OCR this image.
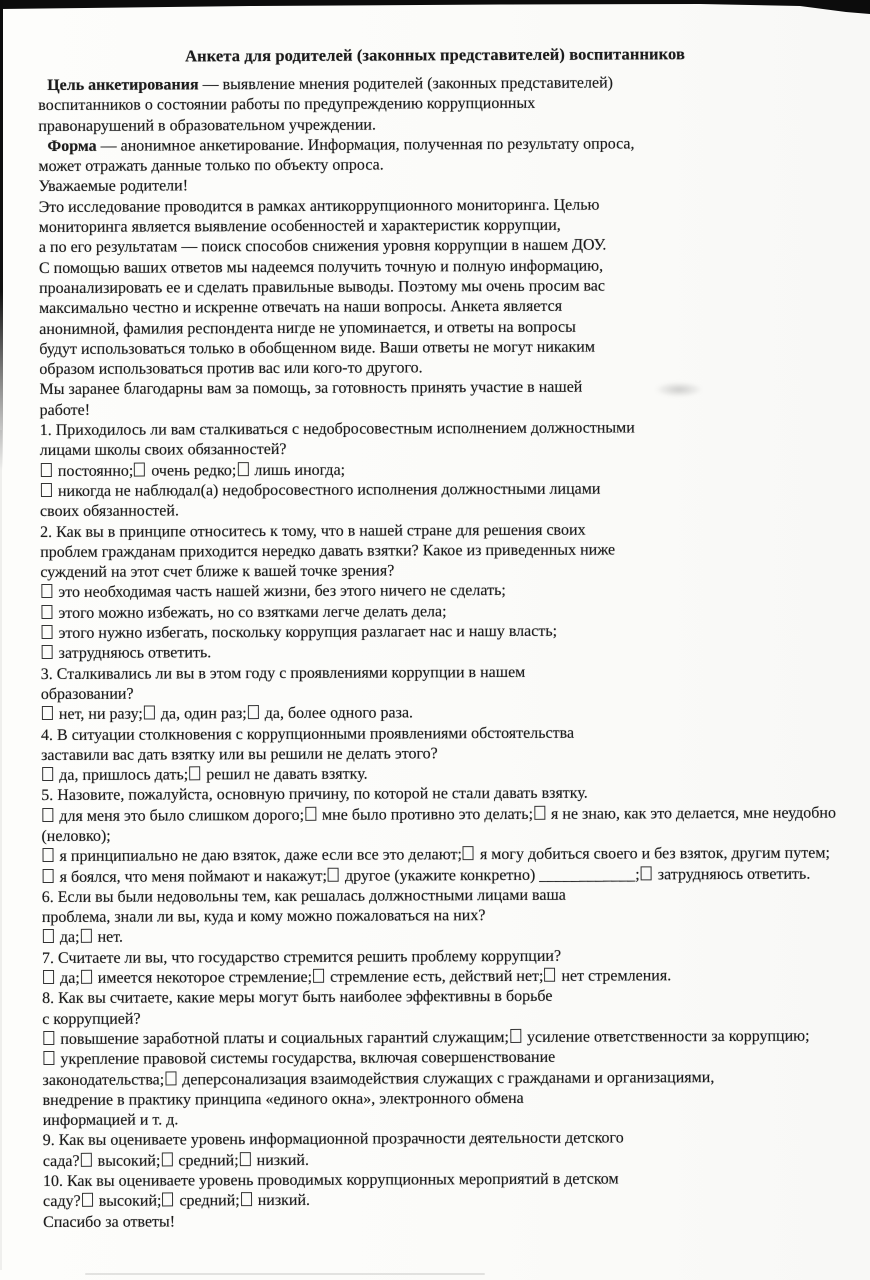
Анкета для родителей (законных представителей) воспитанников
Цель анкетирования — выявление мнения родителей (законных представителей)
воспитанников о состоянии работы по предупреждению коррупционных
правонарушений в образовательном учреждении.
Форма — анонимное анкетирование. Информация, полученная по результату опроса,
может отражать данные только по объекту опроса.
Уважаемые родители!
Это исследование проводится в рамках антикоррупционного мониторинга. Целью
мониторинга является выявление особенностей и характеристик коррупции,
а по его результатам — поиск способов снижения уровня коррупции в нашем ДОУ.
С помощью ваших ответов мы надеемся получить точную и полную информацию,
проанализировать ее и сделать правильные выводы. Поэтому мы очень просим вас
максимально честно и искренне отвечать на наши вопросы. Анкета является
анонимной, фамилия респондента нигде не упоминается, и ответы на вопросы
будут использоваться только в обобщенном виде. Ваши ответы не могут никаким
образом использоваться против вас или кого-то другого.
Мы заранее благодарны вам за помощь, за готовность принять участие в нашей
работе!
1. Приходилось ли вам сталкиваться с недобросовестным исполнением должностными
лицами школы своих обязанностей?
постоянно; очень редко; лишь иногда;
никогда не наблюдал(а) недобросовестного исполнения должностными лицами
своих обязанностей.
2. Как вы в принципе относитесь к тому, что в нашей стране для решения своих
проблем гражданам приходится нередко давать взятки? Какое из приведенных ниже
суждений на этот счет ближе к вашей точке зрения?
это необходимая часть нашей жизни, без этого ничего не сделать;
этого можно избежать, но со взятками легче делать дела;
этого нужно избегать, поскольку коррупция разлагает нас и нашу власть;
затрудняюсь ответить.
3. Сталкивались ли вы в этом году с проявлениями коррупции в нашем
образовании?
нет, ни разу; да, один раз; да, более одного раза.
4. В ситуации столкновения с коррупционными проявлениями обстоятельства
заставили вас дать взятку или вы решили не делать этого?
да, пришлось дать; решил не давать взятку.
5. Назовите, пожалуйста, основную причину, по которой не стали давать взятку.
для меня это было слишком дорого; мне было противно это делать; я не знаю, как это делается, мне неудобно
(неловко);
я принципиально не даю взяток, даже если все это делают; я могу добиться своего и без взяток, другим путем;
я боялся, что меня поймают и накажут; другое (укажите конкретно) ____________; затрудняюсь ответить.
6. Если вы были недовольны тем, как решалась должностными лицами ваша
проблема, знали ли вы, куда и кому можно пожаловаться на них?
да; нет.
7. Считаете ли вы, что государство стремится решить проблему коррупции?
да; имеется некоторое стремление; стремление есть, действий нет; нет стремления.
8. Как вы считаете, какие меры могут быть наиболее эффективны в борьбе
с коррупцией?
повышение заработной платы и социальных гарантий служащим; усиление ответственности за коррупцию;
укрепление правовой системы государства, включая совершенствование
законодательства; деперсонализация взаимодействия служащих с гражданами и организациями,
внедрение в практику принципа «единого окна», электронного обмена
информацией и т. д.
9. Как вы оцениваете уровень информационной прозрачности деятельности детского
сада? высокий; средний; низкий.
10. Как вы оцениваете уровень проводимых коррупционных мероприятий в детском
саду? высокий; средний; низкий.
Спасибо за ответы!
